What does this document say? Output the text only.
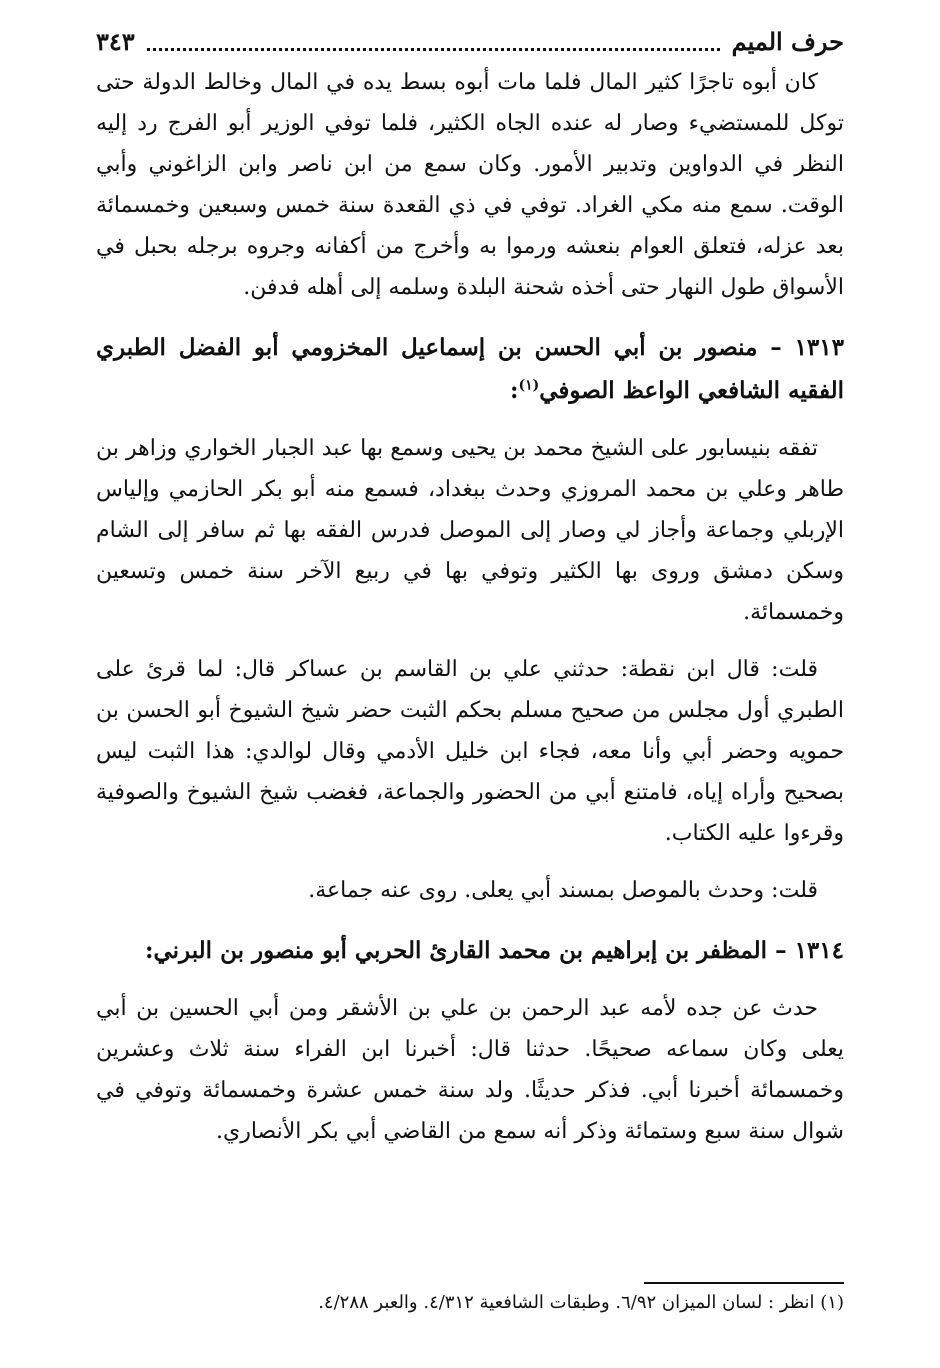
حرف الميم
٣٤٣

كان أبوه تاجرًا كثير المال فلما مات أبوه بسط يده في المال وخالط الدولة حتى توكل للمستضيء وصار له عنده الجاه الكثير، فلما توفي الوزير أبو الفرج رد إليه النظر في الدواوين وتدبير الأمور. وكان سمع من ابن ناصر وابن الزاغوني وأبي الوقت. سمع منه مكي الغراد. توفي في ذي القعدة سنة خمس وسبعين وخمسمائة بعد عزله، فتعلق العوام بنعشه ورموا به وأخرج من أكفانه وجروه برجله بحبل في الأسواق طول النهار حتى أخذه شحنة البلدة وسلمه إلى أهله فدفن.

١٣١٣ – منصور بن أبي الحسن بن إسماعيل المخزومي أبو الفضل الطبري الفقيه الشافعي الواعظ الصوفي$^{(١)}$:

تفقه بنيسابور على الشيخ محمد بن يحيى وسمع بها عبد الجبار الخواري وزاهر بن طاهر وعلي بن محمد المروزي وحدث ببغداد، فسمع منه أبو بكر الحازمي وإلياس الإربلي وجماعة وأجاز لي وصار إلى الموصل فدرس الفقه بها ثم سافر إلى الشام وسكن دمشق وروى بها الكثير وتوفي بها في ربيع الآخر سنة خمس وتسعين وخمسمائة.

قلت: قال ابن نقطة: حدثني علي بن القاسم بن عساكر قال: لما قرئ على الطبري أول مجلس من صحيح مسلم بحكم الثبت حضر شيخ الشيوخ أبو الحسن بن حمويه وحضر أبي وأنا معه، فجاء ابن خليل الأدمي وقال لوالدي: هذا الثبت ليس بصحيح وأراه إياه، فامتنع أبي من الحضور والجماعة، فغضب شيخ الشيوخ والصوفية وقرءوا عليه الكتاب.

قلت: وحدث بالموصل بمسند أبي يعلى. روى عنه جماعة.

١٣١٤ – المظفر بن إبراهيم بن محمد القارئ الحربي أبو منصور بن البرني:

حدث عن جده لأمه عبد الرحمن بن علي بن الأشقر ومن أبي الحسين بن أبي يعلى وكان سماعه صحيحًا. حدثنا قال: أخبرنا ابن الفراء سنة ثلاث وعشرين وخمسمائة أخبرنا أبي. فذكر حديثًا. ولد سنة خمس عشرة وخمسمائة وتوفي في شوال سنة سبع وستمائة وذكر أنه سمع من القاضي أبي بكر الأنصاري.

(١) انظر : لسان الميزان ٦/٩٢. وطبقات الشافعية ٤/٣١٢. والعبر ٤/٢٨٨.
